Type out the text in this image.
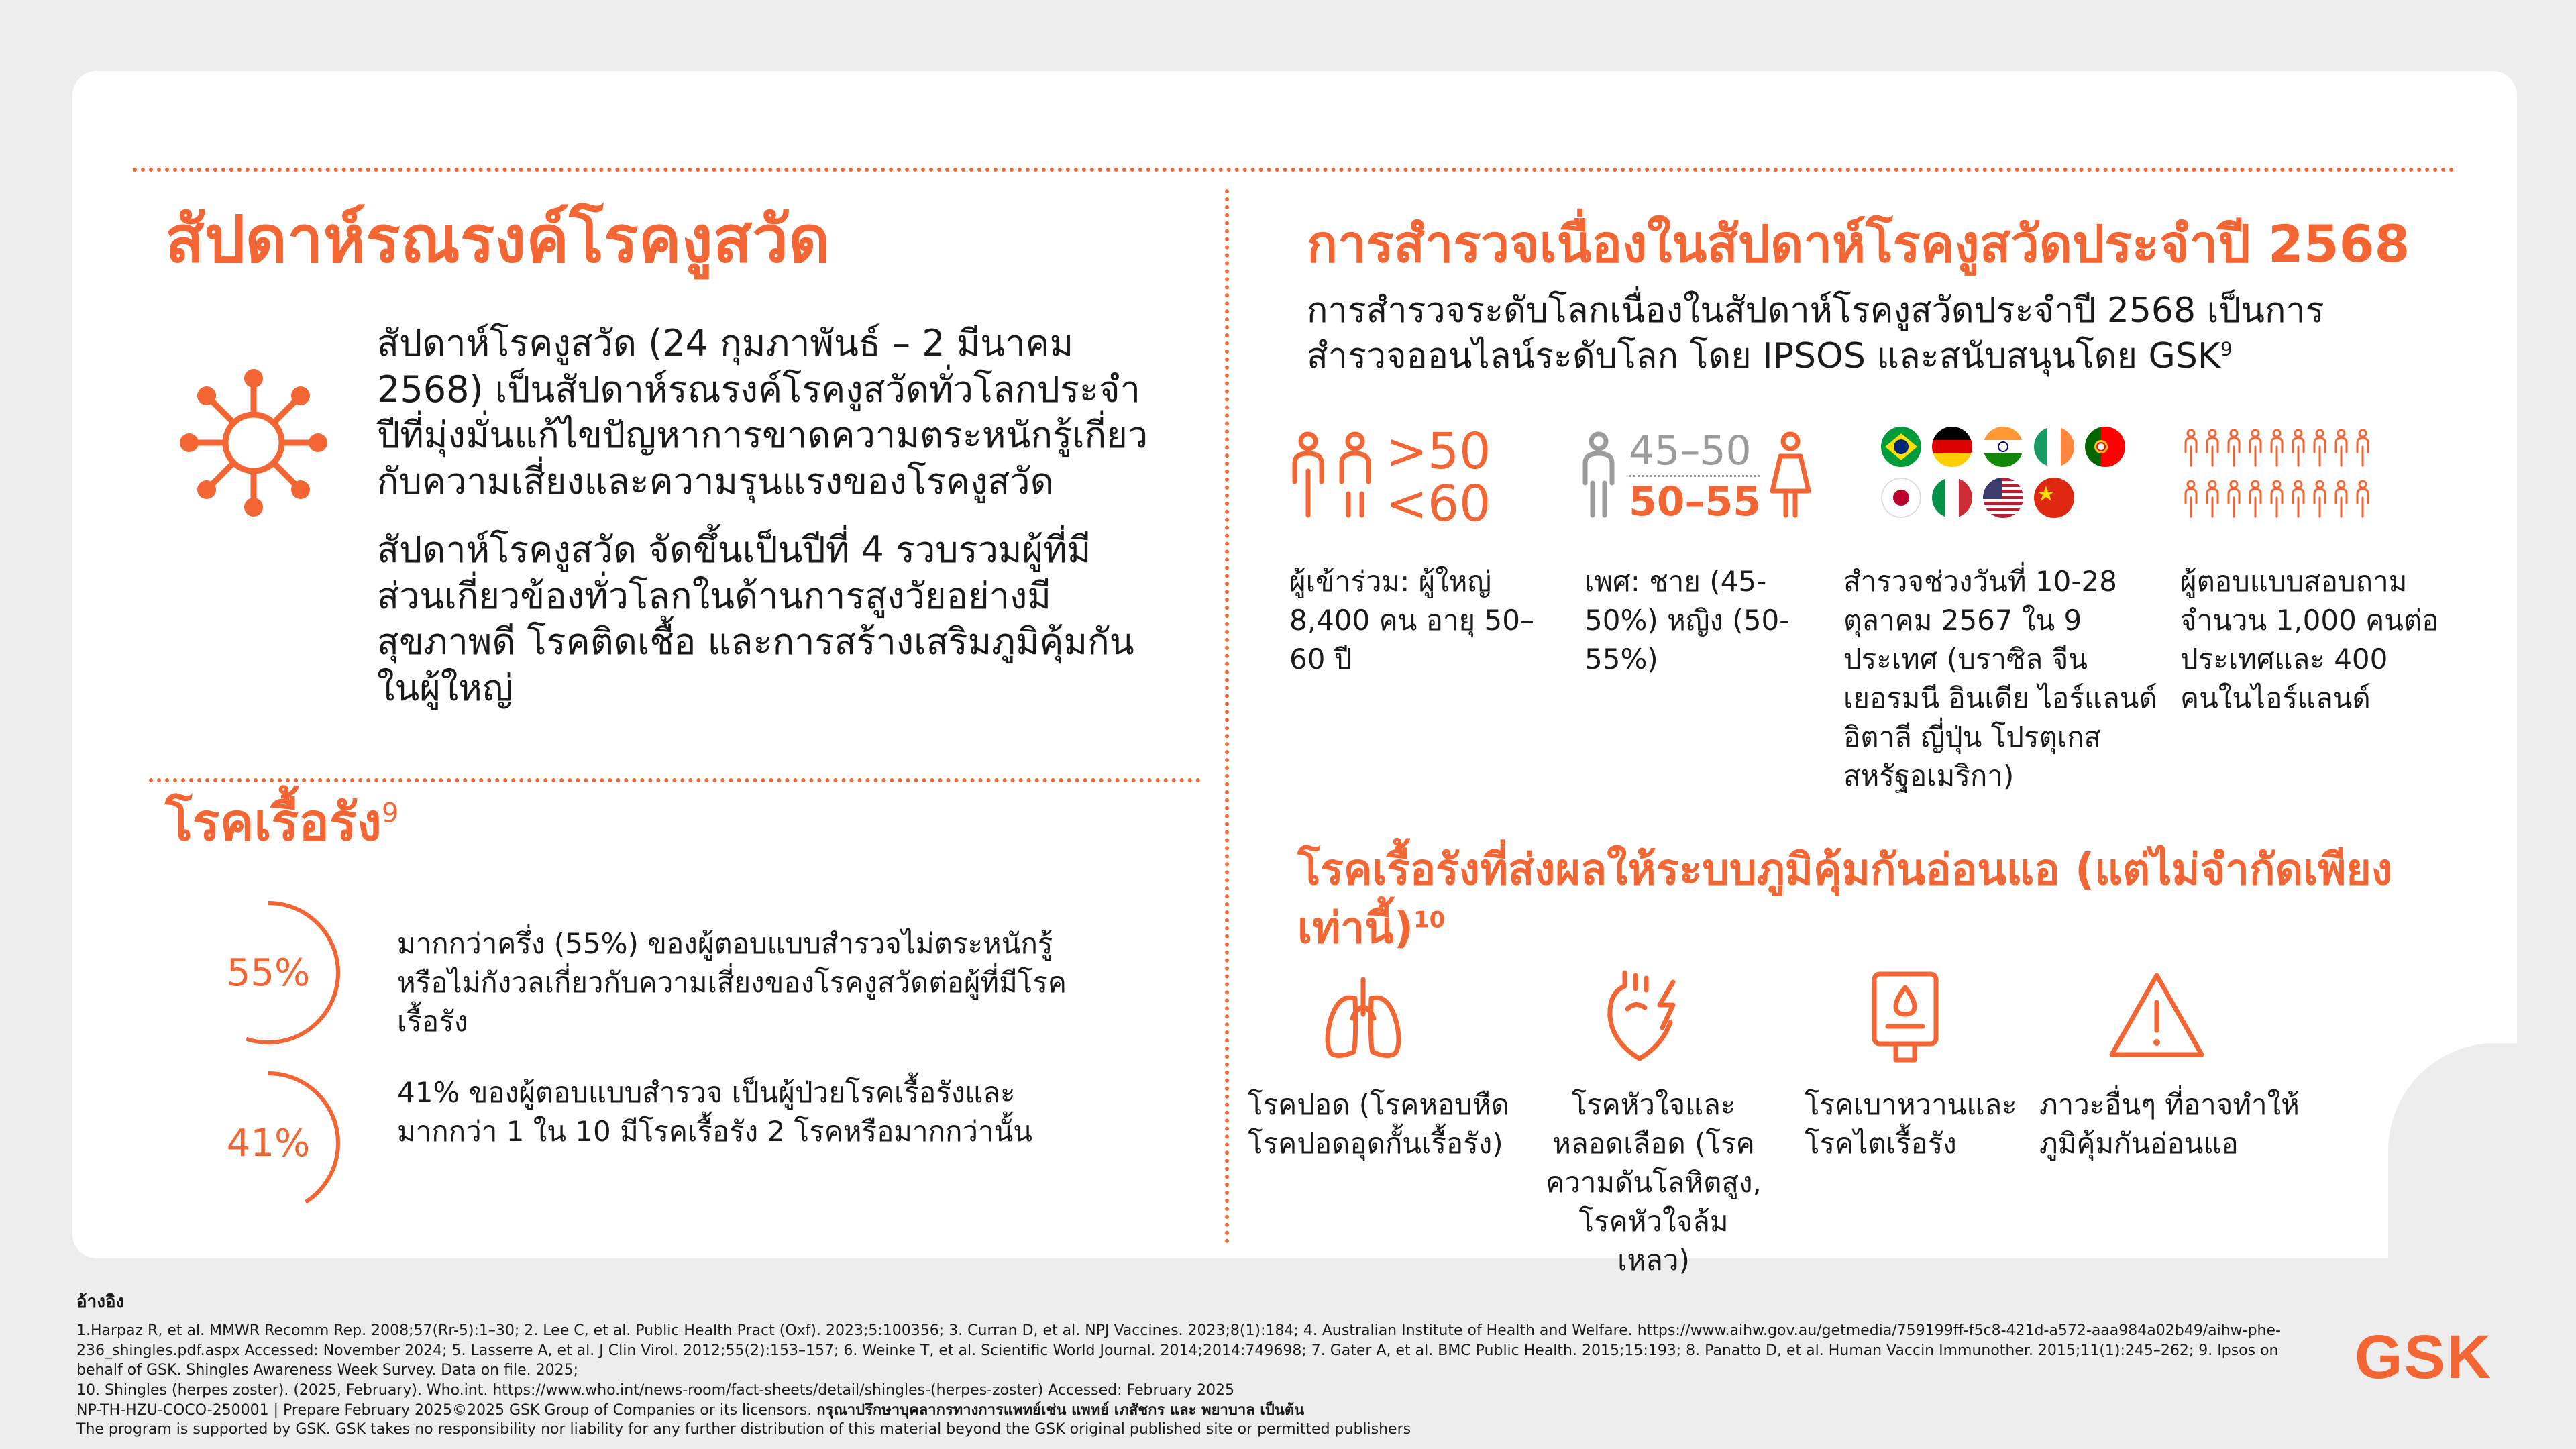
สัปดาห์รณรงค์โรคงูสวัด

สัปดาห์โรคงูสวัด (24 กุมภาพันธ์ – 2 มีนาคม 2568) เป็นสัปดาห์รณรงค์โรคงูสวัดทั่วโลกประจำปีที่มุ่งมั่นแก้ไขปัญหาการขาดความตระหนักรู้เกี่ยวกับความเสี่ยงและความรุนแรงของโรคงูสวัด

สัปดาห์โรคงูสวัด จัดขึ้นเป็นปีที่ 4 รวบรวมผู้ที่มีส่วนเกี่ยวข้องทั่วโลกในด้านการสูงวัยอย่างมีสุขภาพดี โรคติดเชื้อ และการสร้างเสริมภูมิคุ้มกันในผู้ใหญ่

โรคเรื้อรัง$^9$
55%
มากกว่าครึ่ง (55%) ของผู้ตอบแบบสำรวจไม่ตระหนักรู้หรือไม่กังวลเกี่ยวกับความเสี่ยงของโรคงูสวัดต่อผู้ที่มีโรคเรื้อรัง
41%
41% ของผู้ตอบแบบสำรวจ เป็นผู้ป่วยโรคเรื้อรังและมากกว่า 1 ใน 10 มีโรคเรื้อรัง 2 โรคหรือมากกว่านั้น
การสำรวจเนื่องในสัปดาห์โรคงูสวัดประจำปี 2568
การสำรวจระดับโลกเนื่องในสัปดาห์โรคงูสวัดประจำปี 2568 เป็นการสำรวจออนไลน์ระดับโลก โดย IPSOS และสนับสนุนโดย $GSK^9$
>50
<60
ผู้เข้าร่วม: ผู้ใหญ่ 8,400 คน อายุ 50–60 ปี
45–50
50–55
เพศ: ชาย (45-50%) หญิง (50-55%)
สำรวจช่วงวันที่ 10-28 ตุลาคม 2567 ใน 9 ประเทศ (บราซิล จีน เยอรมนี อินเดีย ไอร์แลนด์ อิตาลี ญี่ปุ่น โปรตุเกส สหรัฐอเมริกา)
ผู้ตอบแบบสอบถามจำนวน 1,000 คนต่อประเทศและ 400 คนในไอร์แลนด์
โรคเรื้อรังที่ส่งผลให้ระบบภูมิคุ้มกันอ่อนแอ (แต่ไม่จำกัดเพียงเท่านี้)$^{10}$
โรคปอด (โรคหอบหืด
โรคปอดอุดกั้นเรื้อรัง)
โรคหัวใจและหลอดเลือด (โรคความดันโลหิตสูง, โรคหัวใจล้มเหลว)
โรคเบาหวานและโรคไตเรื้อรัง
ภาวะอื่นๆ ที่อาจทำให้ภูมิคุ้มกันอ่อนแอ
อ้างอิง
1.Harpaz R, et al. MMWR Recomm Rep. 2008;57(Rr-5):1–30; 2. Lee C, et al. Public Health Pract (Oxf). 2023;5:100356; 3. Curran D, et al. NPJ Vaccines. 2023;8(1):184; 4. Australian Institute of Health and Welfare. https://www.aihw.gov.au/getmedia/759199ff-f5c8-421d-a572-aaa984a02b49/aihw-phe-236_shingles.pdf.aspx Accessed: November 2024; 5. Lasserre A, et al. J Clin Virol. 2012;55(2):153–157; 6. Weinke T, et al. Scientific World Journal. 2014;2014:749698; 7. Gater A, et al. BMC Public Health. 2015;15:193; 8. Panatto D, et al. Human Vaccin Immunother. 2015;11(1):245–262; 9. Ipsos on behalf of GSK. Shingles Awareness Week Survey. Data on file. 2025;
10. Shingles (herpes zoster). (2025, February). Who.int. https://www.who.int/news-room/fact-sheets/detail/shingles-(herpes-zoster) Accessed: February 2025
NP-TH-HZU-COCO-250001 | Prepare February 2025©2025 GSK Group of Companies or its licensors. กรุณาปรึกษาบุคลากรทางการแพทย์เช่น แพทย์ เภสัชกร และ พยาบาล เป็นต้น
The program is supported by GSK. GSK takes no responsibility nor liability for any further distribution of this material beyond the GSK original published site or permitted publishers
GSK
